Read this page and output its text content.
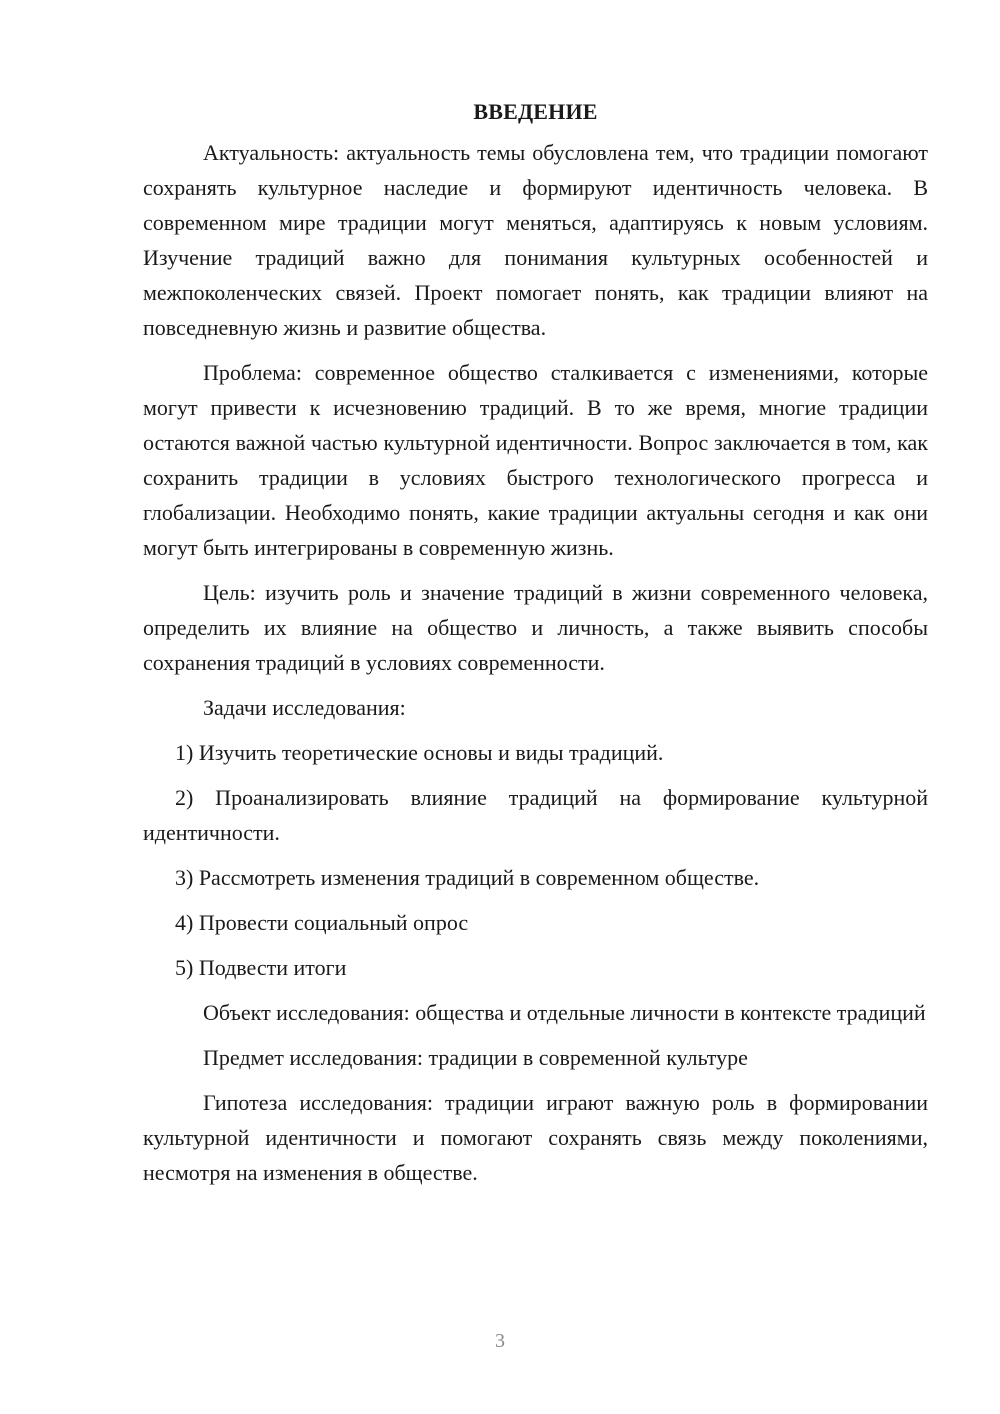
ВВЕДЕНИЕ

Актуальность: актуальность темы обусловлена тем, что традиции помогают сохранять культурное наследие и формируют идентичность человека. В современном мире традиции могут меняться, адаптируясь к новым условиям. Изучение традиций важно для понимания культурных особенностей и межпоколенческих связей. Проект помогает понять, как традиции влияют на повседневную жизнь и развитие общества.

Проблема: современное общество сталкивается с изменениями, которые могут привести к исчезновению традиций. В то же время, многие традиции остаются важной частью культурной идентичности. Вопрос заключается в том, как сохранить традиции в условиях быстрого технологического прогресса и глобализации. Необходимо понять, какие традиции актуальны сегодня и как они могут быть интегрированы в современную жизнь.

Цель: изучить роль и значение традиций в жизни современного человека, определить их влияние на общество и личность, а также выявить способы сохранения традиций в условиях современности.

Задачи исследования:

1) Изучить теоретические основы и виды традиций.

2) Проанализировать влияние традиций на формирование культурной идентичности.

3) Рассмотреть изменения традиций в современном обществе.

4) Провести социальный опрос

5) Подвести итоги

Объект исследования: общества и отдельные личности в контексте традиций

Предмет исследования: традиции в современной культуре

Гипотеза исследования: традиции играют важную роль в формировании культурной идентичности и помогают сохранять связь между поколениями, несмотря на изменения в обществе.

3
